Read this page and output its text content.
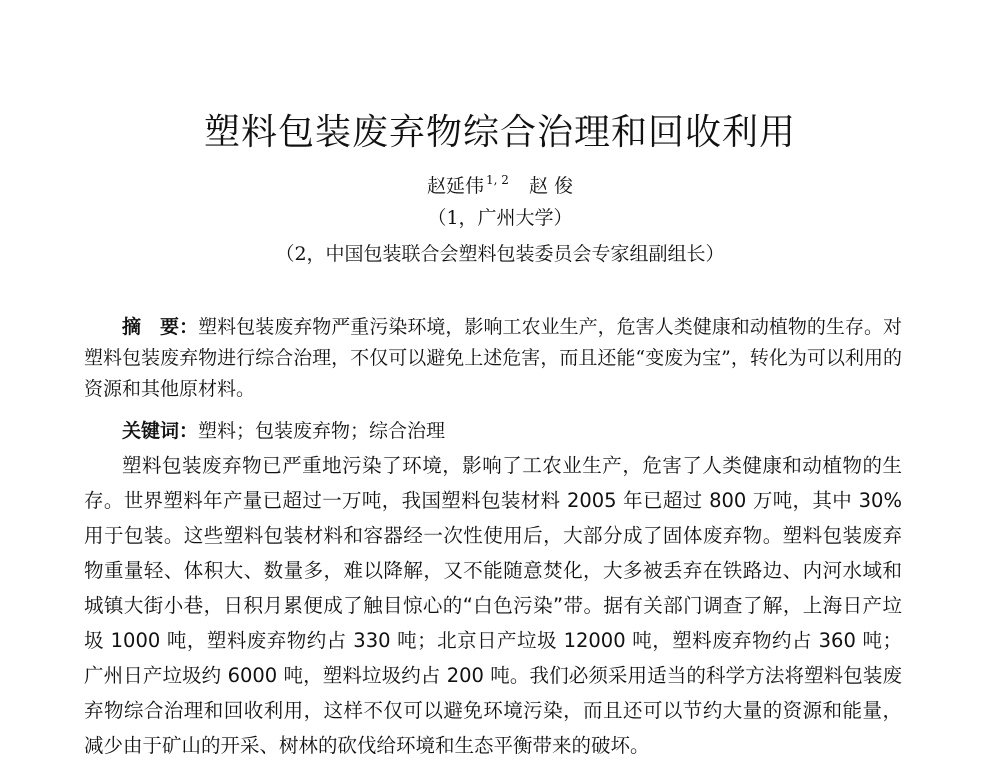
塑料包装废弃物综合治理和回收利用
赵延伟 $^{1, 2}$ 赵 俊
（1，广州大学）
（2，中国包装联合会塑料包装委员会专家组副组长）

摘　要：塑料包装废弃物严重污染环境，影响工农业生产，危害人类健康和动植物的生存。对塑料包装废弃物进行综合治理，不仅可以避免上述危害，而且还能“变废为宝”，转化为可以利用的资源和其他原材料。

关键词：塑料；包装废弃物；综合治理

塑料包装废弃物已严重地污染了环境，影响了工农业生产，危害了人类健康和动植物的生存。世界塑料年产量已超过一万吨，我国塑料包装材料 2005 年已超过 800 万吨，其中 30% 用于包装。这些塑料包装材料和容器经一次性使用后，大部分成了固体废弃物。塑料包装废弃物重量轻、体积大、数量多，难以降解，又不能随意焚化，大多被丢弃在铁路边、内河水域和城镇大街小巷，日积月累便成了触目惊心的“白色污染”带。据有关部门调查了解，上海日产垃圾 1000 吨，塑料废弃物约占 330 吨；北京日产垃圾 12000 吨，塑料废弃物约占 360 吨；广州日产垃圾约 6000 吨，塑料垃圾约占 200 吨。我们必须采用适当的科学方法将塑料包装废弃物综合治理和回收利用，这样不仅可以避免环境污染，而且还可以节约大量的资源和能量，减少由于矿山的开采、树林的砍伐给环境和生态平衡带来的破坏。
